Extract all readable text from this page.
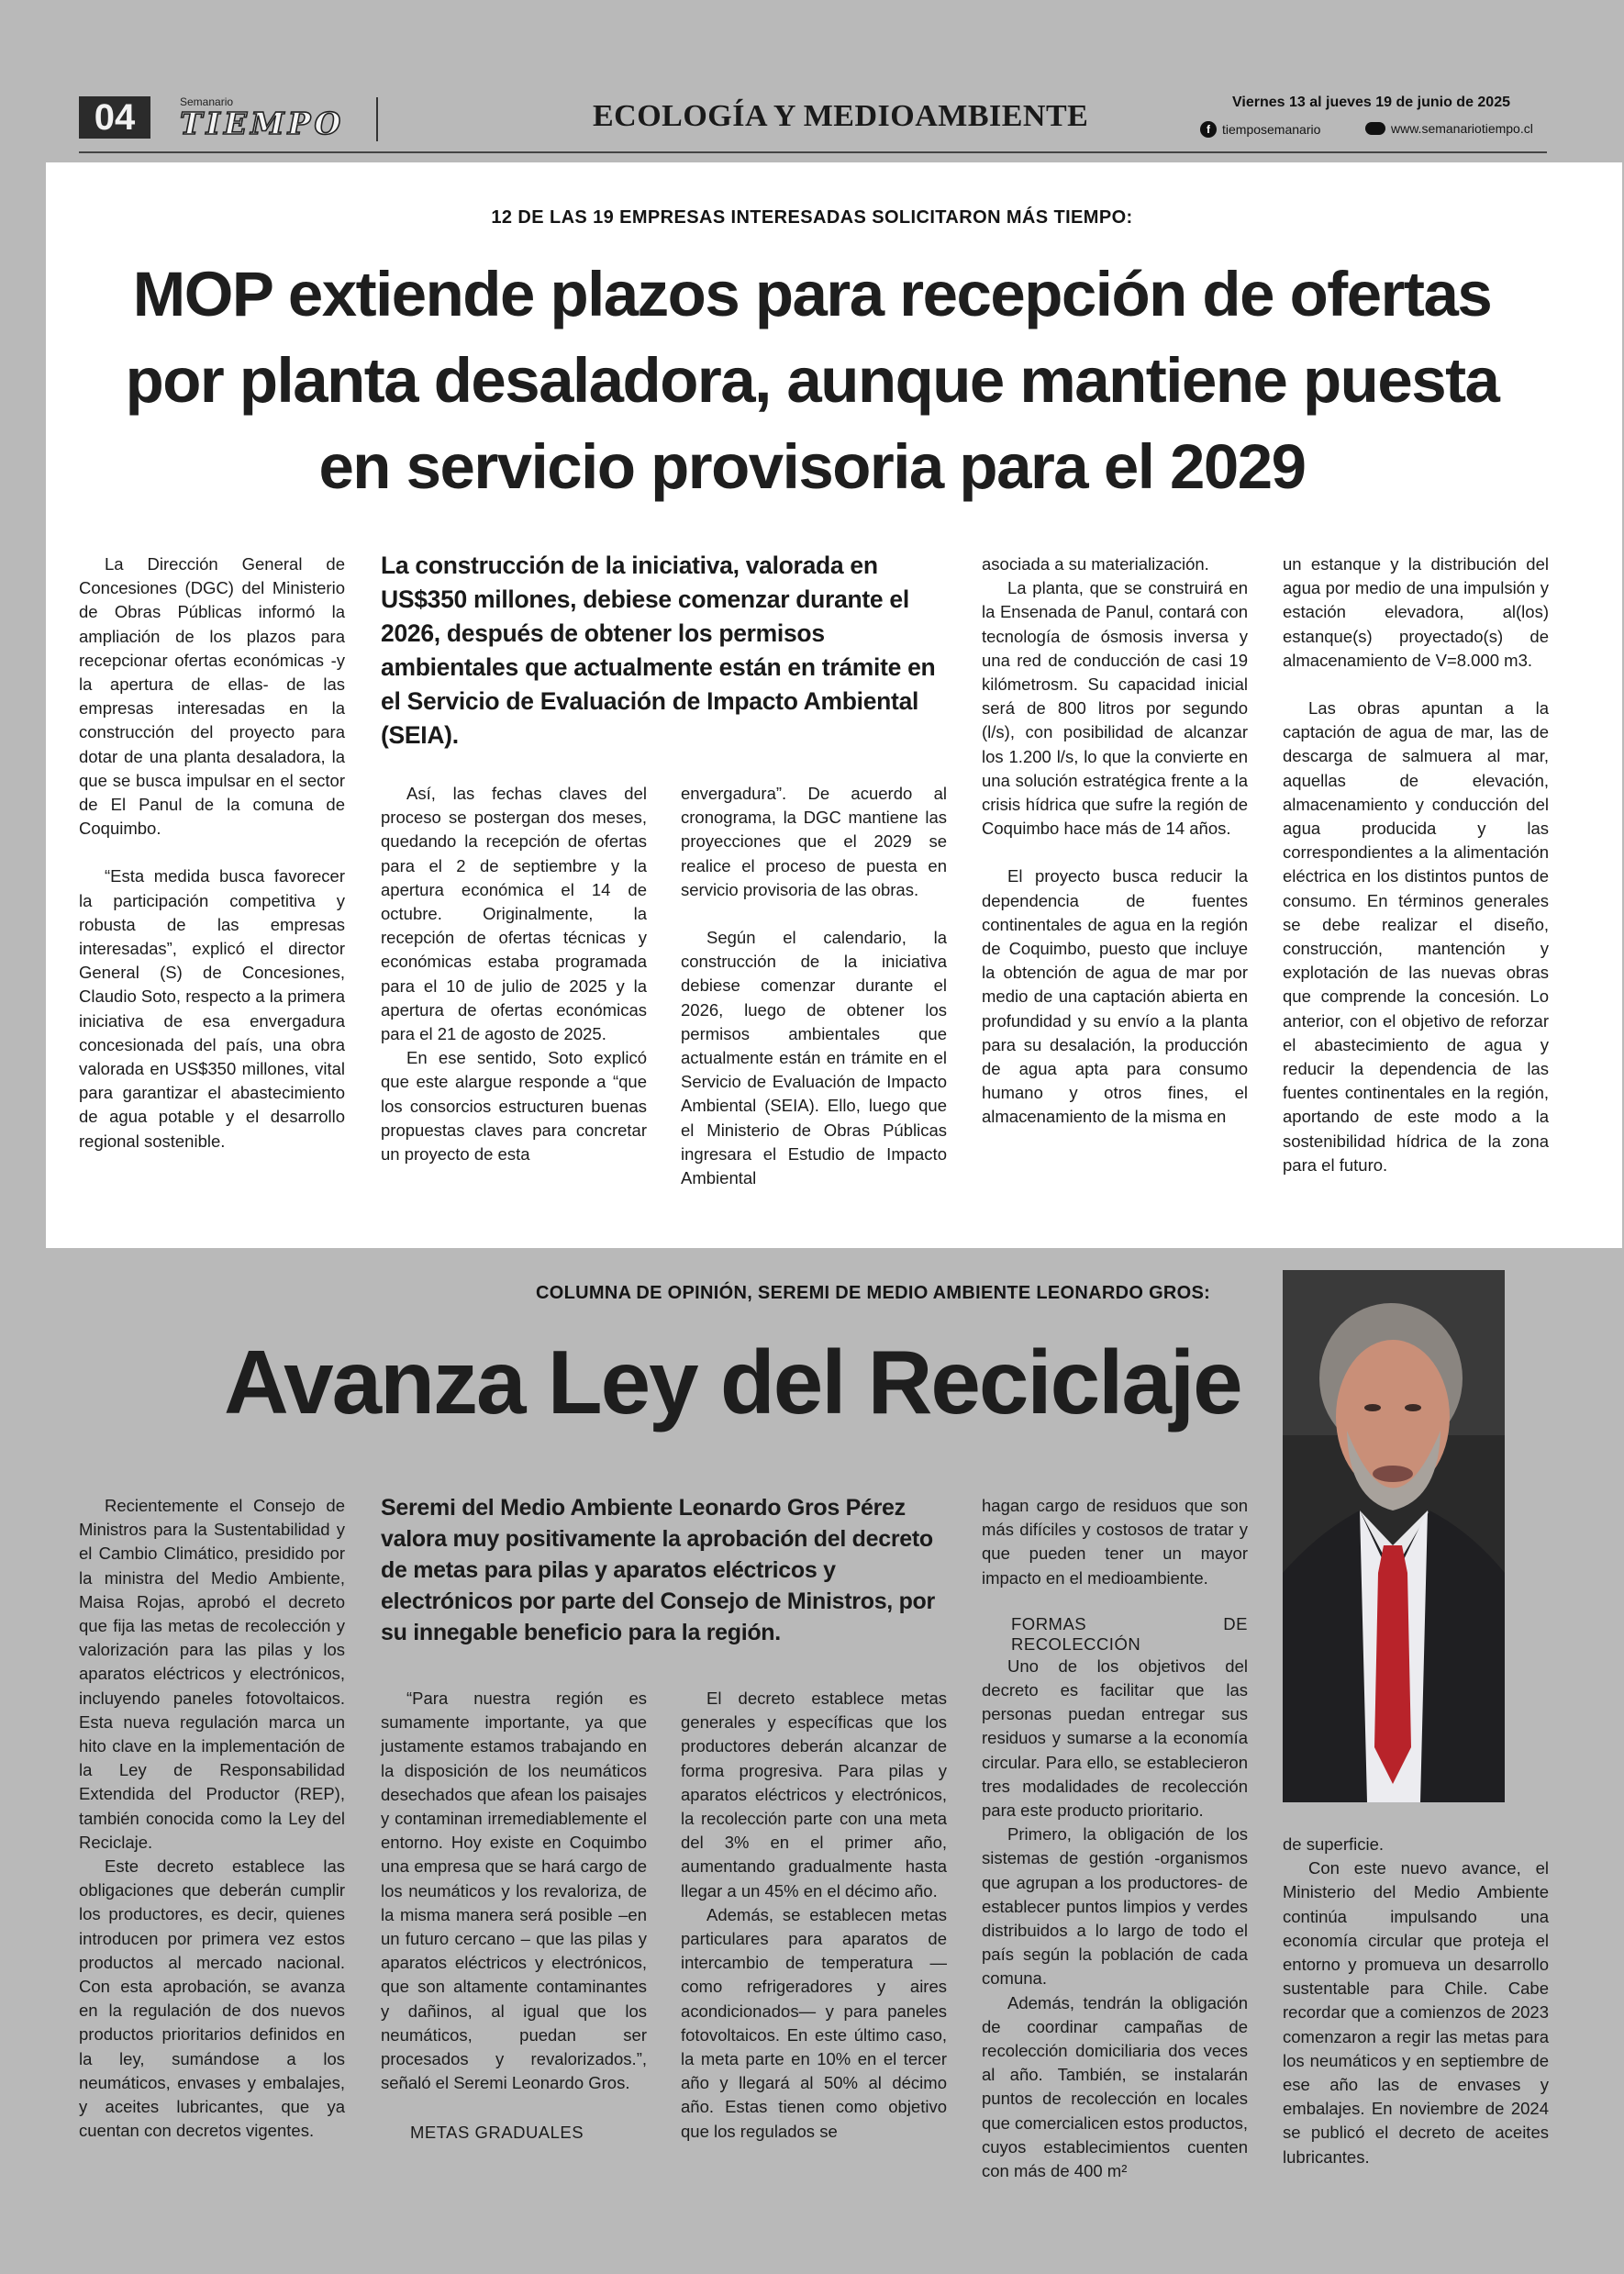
04	Semanario
TIEMPO	ECOLOGÍA Y MEDIOAMBIENTE	Viernes 13 al jueves 19 de junio de 2025
f tiemposemanario	www.semanariotiempo.cl
12 DE LAS 19 EMPRESAS INTERESADAS SOLICITARON MÁS TIEMPO:
MOP extiende plazos para recepción de ofertas por planta desaladora, aunque mantiene puesta en servicio provisoria para el 2029

La Dirección General de Concesiones (DGC) del Ministerio de Obras Públicas informó la ampliación de los plazos para recepcionar ofertas económicas -y la apertura de ellas- de las empresas interesadas en la construcción del proyecto para dotar de una planta desaladora, la que se busca impulsar en el sector de El Panul de la comuna de Coquimbo.

“Esta medida busca favorecer la participación competitiva y robusta de las empresas interesadas”, explicó el director General (S) de Concesiones, Claudio Soto, respecto a la primera iniciativa de esa envergadura concesionada del país, una obra valorada en US$350 millones, vital para garantizar el abastecimiento de agua potable y el desarrollo regional sostenible.

La construcción de la iniciativa, valorada en US$350 millones, debiese comenzar durante el 2026, después de obtener los permisos ambientales que actualmente están en trámite en el Servicio de Evaluación de Impacto Ambiental (SEIA).

Así, las fechas claves del proceso se postergan dos meses, quedando la recepción de ofertas para el 2 de septiembre y la apertura económica el 14 de octubre. Originalmente, la recepción de ofertas técnicas y económicas estaba programada para el 10 de julio de 2025 y la apertura de ofertas económicas para el 21 de agosto de 2025.

En ese sentido, Soto explicó que este alargue responde a “que los consorcios estructuren buenas propuestas claves para concretar un proyecto de esta

envergadura”. De acuerdo al cronograma, la DGC mantiene las proyecciones que el 2029 se realice el proceso de puesta en servicio provisoria de las obras.

Según el calendario, la construcción de la iniciativa debiese comenzar durante el 2026, luego de obtener los permisos ambientales que actualmente están en trámite en el Servicio de Evaluación de Impacto Ambiental (SEIA). Ello, luego que el Ministerio de Obras Públicas ingresara el Estudio de Impacto Ambiental

asociada a su materialización.

La planta, que se construirá en la Ensenada de Panul, contará con tecnología de ósmosis inversa y una red de conducción de casi 19 kilómetrosm. Su capacidad inicial será de 800 litros por segundo (l/s), con posibilidad de alcanzar los 1.200 l/s, lo que la convierte en una solución estratégica frente a la crisis hídrica que sufre la región de Coquimbo hace más de 14 años.

El proyecto busca reducir la dependencia de fuentes continentales de agua en la región de Coquimbo, puesto que incluye la obtención de agua de mar por medio de una captación abierta en profundidad y su envío a la planta para su desalación, la producción de agua apta para consumo humano y otros fines, el almacenamiento de la misma en

un estanque y la distribución del agua por medio de una impulsión y estación elevadora, al(los) estanque(s) proyectado(s) de almacenamiento de V=8.000 m3.

Las obras apuntan a la captación de agua de mar, las de descarga de salmuera al mar, aquellas de elevación, almacenamiento y conducción del agua producida y las correspondientes a la alimentación eléctrica en los distintos puntos de consumo. En términos generales se debe realizar el diseño, construcción, mantención y explotación de las nuevas obras que comprende la concesión. Lo anterior, con el objetivo de reforzar el abastecimiento de agua y reducir la dependencia de las fuentes continentales en la región, aportando de este modo a la sostenibilidad hídrica de la zona para el futuro.

COLUMNA DE OPINIÓN, SEREMI DE MEDIO AMBIENTE LEONARDO GROS:
Avanza Ley del Reciclaje
Seremi del Medio Ambiente Leonardo Gros Pérez valora muy positivamente la aprobación del decreto de metas para pilas y aparatos eléctricos y electrónicos por parte del Consejo de Ministros, por su innegable beneficio para la región.

Recientemente el Consejo de Ministros para la Sustentabilidad y el Cambio Climático, presidido por la ministra del Medio Ambiente, Maisa Rojas, aprobó el decreto que fija las metas de recolección y valorización para las pilas y los aparatos eléctricos y electrónicos, incluyendo paneles fotovoltaicos. Esta nueva regulación marca un hito clave en la implementación de la Ley de Responsabilidad Extendida del Productor (REP), también conocida como la Ley del Reciclaje.

Este decreto establece las obligaciones que deberán cumplir los productores, es decir, quienes introducen por primera vez estos productos al mercado nacional. Con esta aprobación, se avanza en la regulación de dos nuevos productos prioritarios definidos en la ley, sumándose a los neumáticos, envases y embalajes, y aceites lubricantes, que ya cuentan con decretos vigentes.

“Para nuestra región es sumamente importante, ya que justamente estamos trabajando en la disposición de los neumáticos desechados que afean los paisajes y contaminan irremediablemente el entorno. Hoy existe en Coquimbo una empresa que se hará cargo de los neumáticos y los revaloriza, de la misma manera será posible –en un futuro cercano – que las pilas y aparatos eléctricos y electrónicos, que son altamente contaminantes y dañinos, al igual que los neumáticos, puedan ser procesados y revalorizados.”, señaló el Seremi Leonardo Gros.

METAS GRADUALES

El decreto establece metas generales y específicas que los productores deberán alcanzar de forma progresiva. Para pilas y aparatos eléctricos y electrónicos, la recolección parte con una meta del 3% en el primer año, aumentando gradualmente hasta llegar a un 45% en el décimo año.

Además, se establecen metas particulares para aparatos de intercambio de temperatura —como refrigeradores y aires acondicionados— y para paneles fotovoltaicos. En este último caso, la meta parte en 10% en el tercer año y llegará al 50% al décimo año. Estas tienen como objetivo que los regulados se

hagan cargo de residuos que son más difíciles y costosos de tratar y que pueden tener un mayor impacto en el medioambiente.

FORMAS DE RECOLECCIÓN

Uno de los objetivos del decreto es facilitar que las personas puedan entregar sus residuos y sumarse a la economía circular. Para ello, se establecieron tres modalidades de recolección para este producto prioritario.

Primero, la obligación de los sistemas de gestión -organismos que agrupan a los productores- de establecer puntos limpios y verdes distribuidos a lo largo de todo el país según la población de cada comuna.

Además, tendrán la obligación de coordinar campañas de recolección domiciliaria dos veces al año. También, se instalarán puntos de recolección en locales que comercialicen estos productos, cuyos establecimientos cuenten con más de 400 m²

de superficie.

Con este nuevo avance, el Ministerio del Medio Ambiente continúa impulsando una economía circular que proteja el entorno y promueva un desarrollo sustentable para Chile. Cabe recordar que a comienzos de 2023 comenzaron a regir las metas para los neumáticos y en septiembre de ese año las de envases y embalajes. En noviembre de 2024 se publicó el decreto de aceites lubricantes.
